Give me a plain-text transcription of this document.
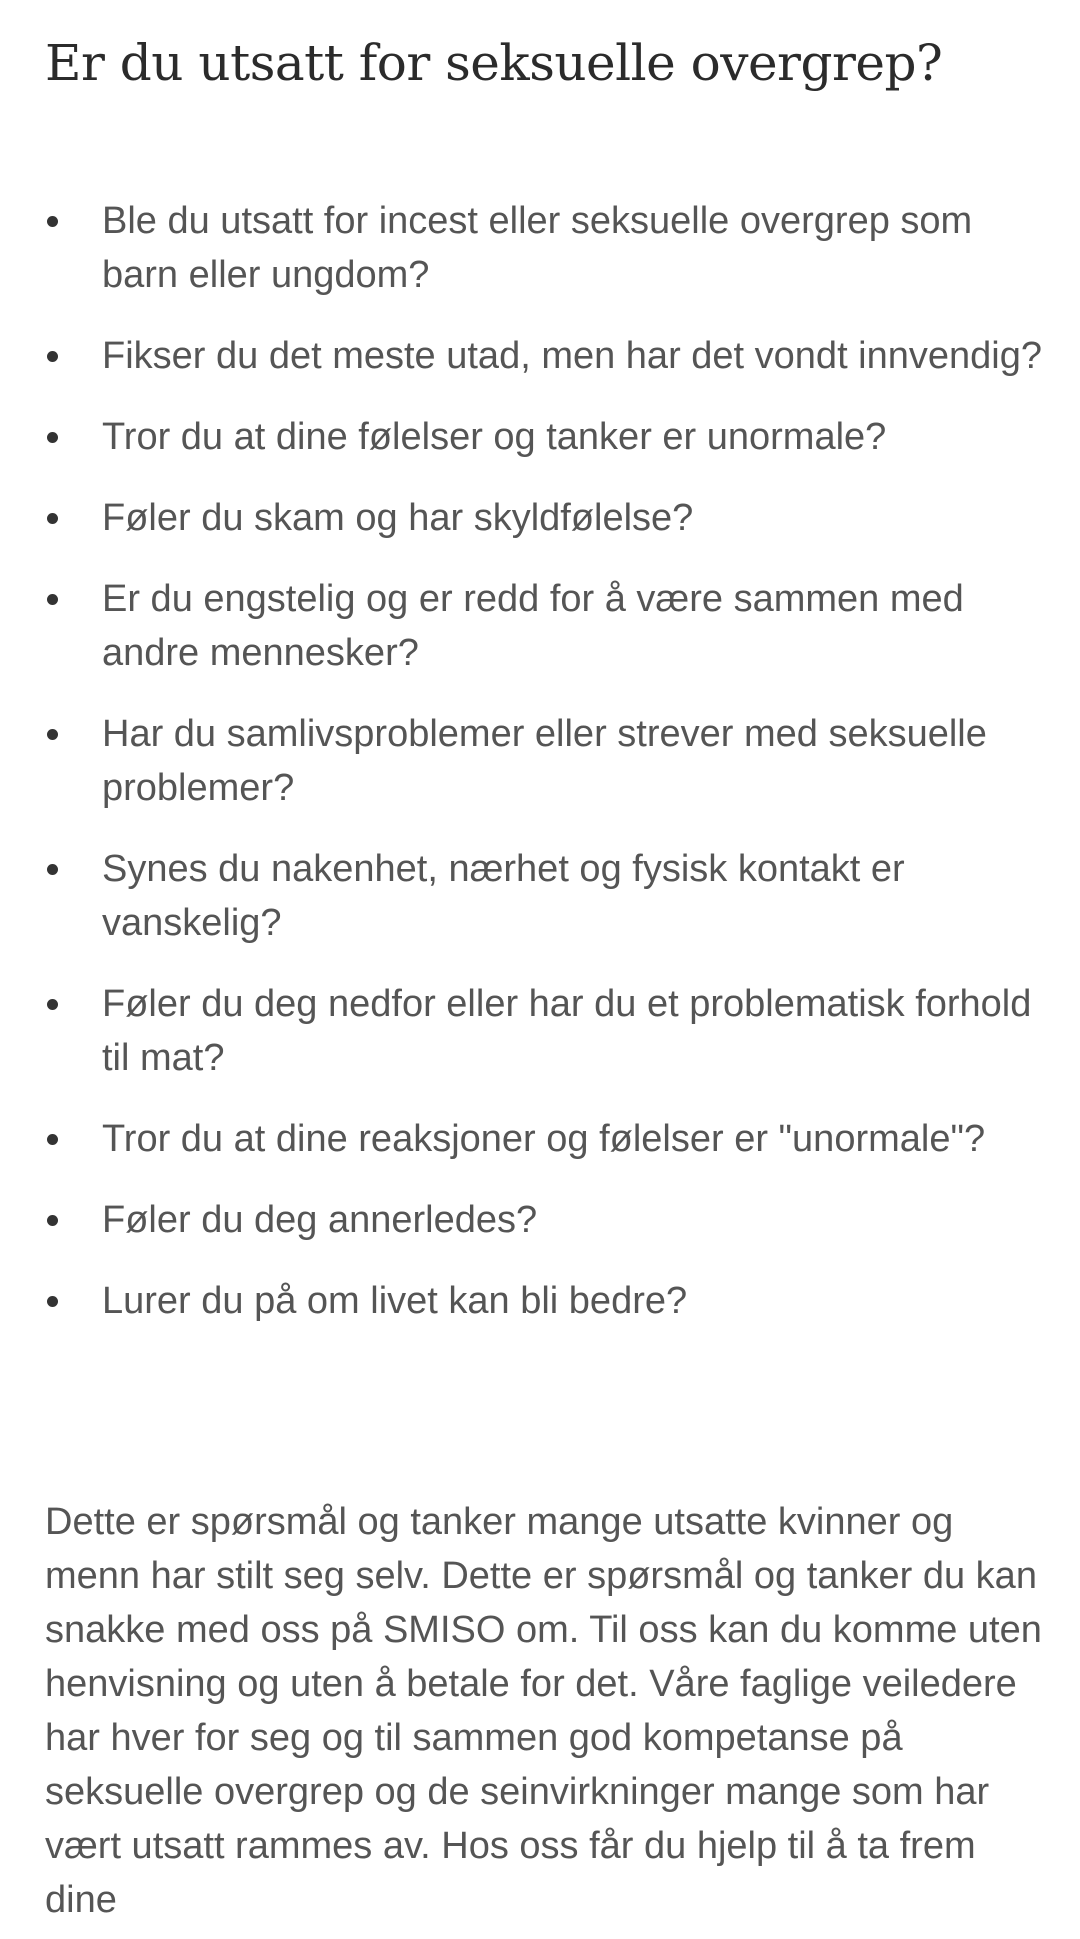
Er du utsatt for seksuelle overgrep?
Ble du utsatt for incest eller seksuelle overgrep som barn eller ungdom?
Fikser du det meste utad, men har det vondt innvendig?
Tror du at dine følelser og tanker er unormale?
Føler du skam og har skyldfølelse?
Er du engstelig og er redd for å være sammen med andre mennesker?
Har du samlivsproblemer eller strever med seksuelle problemer?
Synes du nakenhet, nærhet og fysisk kontakt er vanskelig?
Føler du deg nedfor eller har du et problematisk forhold til mat?
Tror du at dine reaksjoner og følelser er "unormale"?
Føler du deg annerledes?
Lurer du på om livet kan bli bedre?

Dette er spørsmål og tanker mange utsatte kvinner og menn har stilt seg selv. Dette er spørsmål og tanker du kan snakke med oss på SMISO om. Til oss kan du komme uten henvisning og uten å betale for det. Våre faglige veiledere har hver for seg og til sammen god kompetanse på seksuelle overgrep og de seinvirkninger mange som har vært utsatt rammes av. Hos oss får du hjelp til å ta frem dine
